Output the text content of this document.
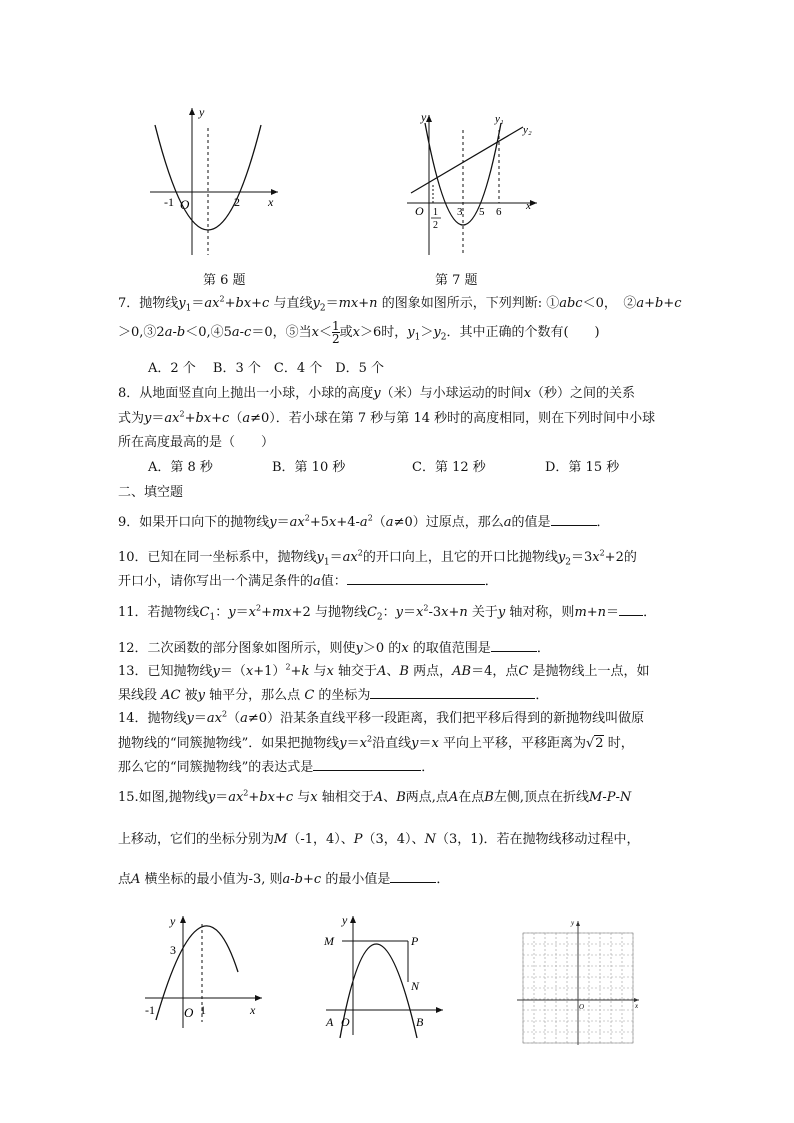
y
x
-1 O	2
第 6 题
y
x
y₁
y₂
O 1
2
3 5 6
第 7 题
7．抛物线$y_1=ax^2+bx+c$ 与直线$y_2=mx+n$ 的图象如图所示，下列判断: ①abc＜0，　②a+b+c
＞0,③2a-b＜0,④5a-c＝0，⑤当$x< \frac{1}{2}$ 或x＞6时，$y_1>y_2$．其中正确的个数有(　　)
A．2 个　 B．3 个　C．4 个　D．5 个
8．从地面竖直向上抛出一小球，小球的高度y（米）与小球运动的时间x（秒）之间的关系
式为$y=ax^2+bx+c(a\ne 0)$．若小球在第 7 秒与第 14 秒时的高度相同，则在下列时间中小球
所在高度最高的是（　　）
A．第 8 秒	B．第 10 秒	C．第 12 秒	D．第 15 秒
二、填空题
9．如果开口向下的抛物线$y=ax^2+5x+4-a^2(a\ne 0)$过原点，那么a的值是	．
10．已知在同一坐标系中，抛物线$y_1=ax^2$的开口向上，且它的开口比抛物线$y_2=3x^2+2$的
开口小，请你写出一个满足条件的a值：	．
11．若抛物线$C_1$：$y=x^2+mx+2$ 与抛物线$C_2$：$y=x^2-3x+n$ 关于y 轴对称，则m+n＝ ．
12．二次函数的部分图象如图所示，则使y＞0 的x 的取值范围是	．
13．已知抛物线$y=(x+1)^2+k$ 与x 轴交于A、B 两点，AB＝4，点C 是抛物线上一点，如
果线段 AC 被y 轴平分，那么点 C 的坐标为	．
14．抛物线$y=ax^2(a\ne 0)$沿某条直线平移一段距离，我们把平移后得到的新抛物线叫做原
抛物线的“同簇抛物线”．如果把抛物线$y=x^2$沿直线y＝x 平向上平移，平移距离为√2 时，
那么它的“同簇抛物线”的表达式是	．
15.如图,抛物线$y=ax^2+bx+c$ 与x 轴相交于A、B两点,点A在点B左侧,顶点在折线M-P-N
上移动，它们的坐标分别为M（-1，4）、P（3，4）、N（3，1)．若在抛物线移动过程中，
点A 横坐标的最小值为-3, 则a-b+c 的最小值是	．
y
x
3
-1 O 1
y
M	P
N
A O	B
y
x
O
